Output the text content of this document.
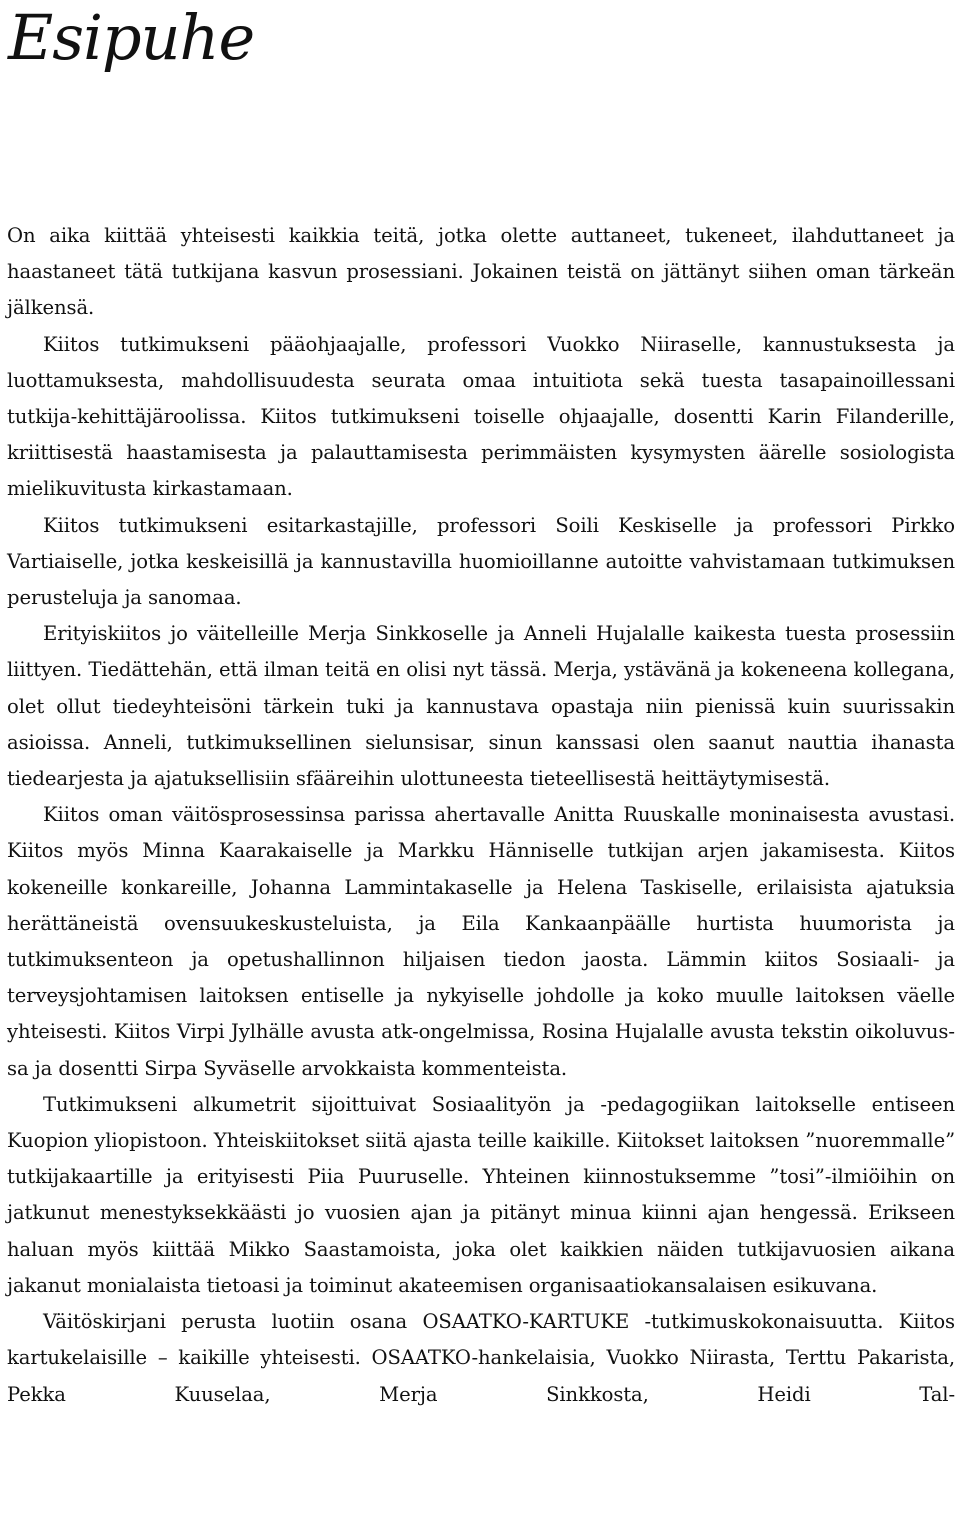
Esipuhe

On aika kiittää yhteisesti kaikkia teitä, jotka olette auttaneet, tukeneet, ilahduttaneet ja haastaneet tätä tutkijana kasvun prosessiani. Jokainen teistä on jättänyt siihen oman tärkeän jälkensä.

Kiitos tutkimukseni pääohjaajalle, professori Vuokko Niiraselle, kannustuksesta ja luottamuksesta, mahdollisuudesta seurata omaa intuitiota sekä tuesta tasapainoillessani tutkija-kehittäjäroolissa. Kiitos tutkimukseni toiselle ohjaajalle, dosentti Karin Filanderille, kriittisestä haastamisesta ja palauttamisesta perimmäisten kysymysten äärelle sosiologista mielikuvitusta kirkastamaan.

Kiitos tutkimukseni esitarkastajille, professori Soili Keskiselle ja professori Pirkko Vartiaiselle, jotka keskeisillä ja kannustavilla huomioillanne autoitte vahvistamaan tutkimuksen perusteluja ja sanomaa.

Erityiskiitos jo väitelleille Merja Sinkkoselle ja Anneli Hujalalle kaikesta tuesta prosessiin liittyen. Tiedättehän, että ilman teitä en olisi nyt tässä. Merja, ystävänä ja kokeneena kollegana, olet ollut tiedeyhteisöni tärkein tuki ja kannustava opastaja niin pienissä kuin suurissakin asioissa. Anneli, tutkimuksellinen sielunsisar, sinun kanssasi olen saanut nauttia ihanasta tiedearjesta ja ajatuksellisiin sfääreihin ulottuneesta tieteellisestä heittäytymisestä.

Kiitos oman väitösprosessinsa parissa ahertavalle Anitta Ruuskalle moninaisesta avustasi. Kiitos myös Minna Kaarakaiselle ja Markku Hänniselle tutkijan arjen jakamisesta. Kiitos kokeneille konkareille, Johanna Lammintakaselle ja Helena Taskiselle, erilaisista ajatuksia herättäneistä ovensuukeskusteluista, ja Eila Kankaanpäälle hurtista huumorista ja tutkimuksenteon ja opetushallinnon hiljaisen tiedon jaosta. Lämmin kiitos Sosiaali- ja terveysjohtamisen laitoksen entiselle ja nykyiselle johdolle ja koko muulle laitoksen väelle yhteisesti. Kiitos Virpi Jylhälle avusta atk-ongelmissa, Rosina Hujalalle avusta tekstin oikoluvussa ja dosentti Sirpa Syväselle arvokkaista kommenteista.

Tutkimukseni alkumetrit sijoittuivat Sosiaalityön ja -pedagogiikan laitokselle entiseen Kuopion yliopistoon. Yhteiskiitokset siitä ajasta teille kaikille. Kiitokset laitoksen ”nuoremmalle” tutkijakaartille ja erityisesti Piia Puuruselle. Yhteinen kiinnostuksemme ”tosi”-ilmiöihin on jatkunut menestyksekkäästi jo vuosien ajan ja pitänyt minua kiinni ajan hengessä. Erikseen haluan myös kiittää Mikko Saastamoista, joka olet kaikkien näiden tutkijavuosien aikana jakanut monialaista tietoasi ja toiminut akateemisen organisaatiokansalaisen esikuvana.

Väitöskirjani perusta luotiin osana OSAATKO-KARTUKE -tutkimuskokonaisuutta. Kiitos kartukelaisille – kaikille yhteisesti. OSAATKO-hankelaisia, Vuokko Niirasta, Terttu Pakarista, Pekka Kuuselaa, Merja Sinkkosta, Heidi Tal-
